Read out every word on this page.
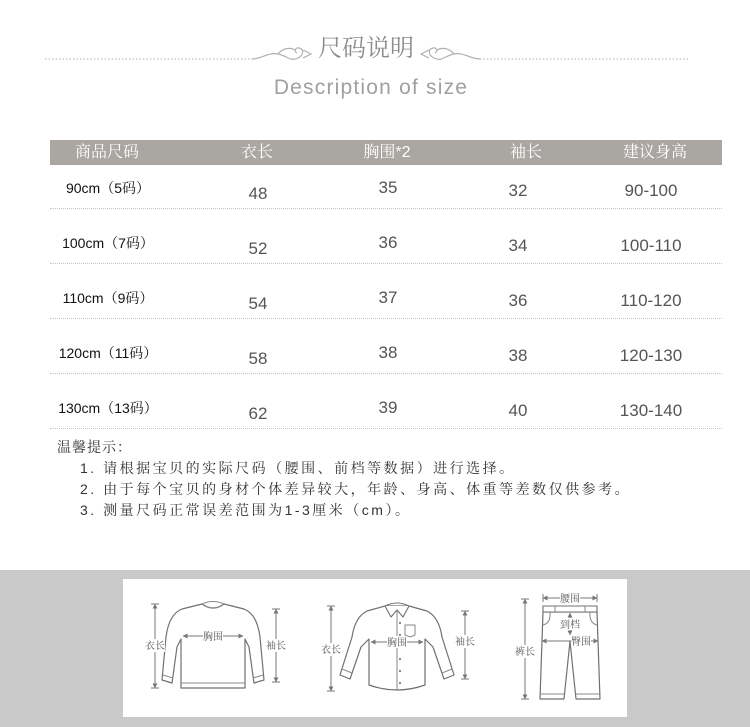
尺码说明
Description of size
商品尺码	衣长	胸围*2	袖长	建议身高
90cm（5码）	48	35	32	90-100
100cm（7码）	52	36	34	100-110
110cm（9码）	54	37	36	110-120
120cm（11码）	58	38	38	120-130
130cm（13码）	62	39	40	130-140
温馨提示：
1. 请根据宝贝的实际尺码（腰围、前档等数据）进行选择。
2. 由于每个宝贝的身材个体差异较大，年龄、身高、体重等差数仅供参考。
3. 测量尺码正常误差范围为1-3厘米（cm）。
衣长
胸围
袖长	衣长
胸围	袖长
腰围
到档
臀围
裤长
